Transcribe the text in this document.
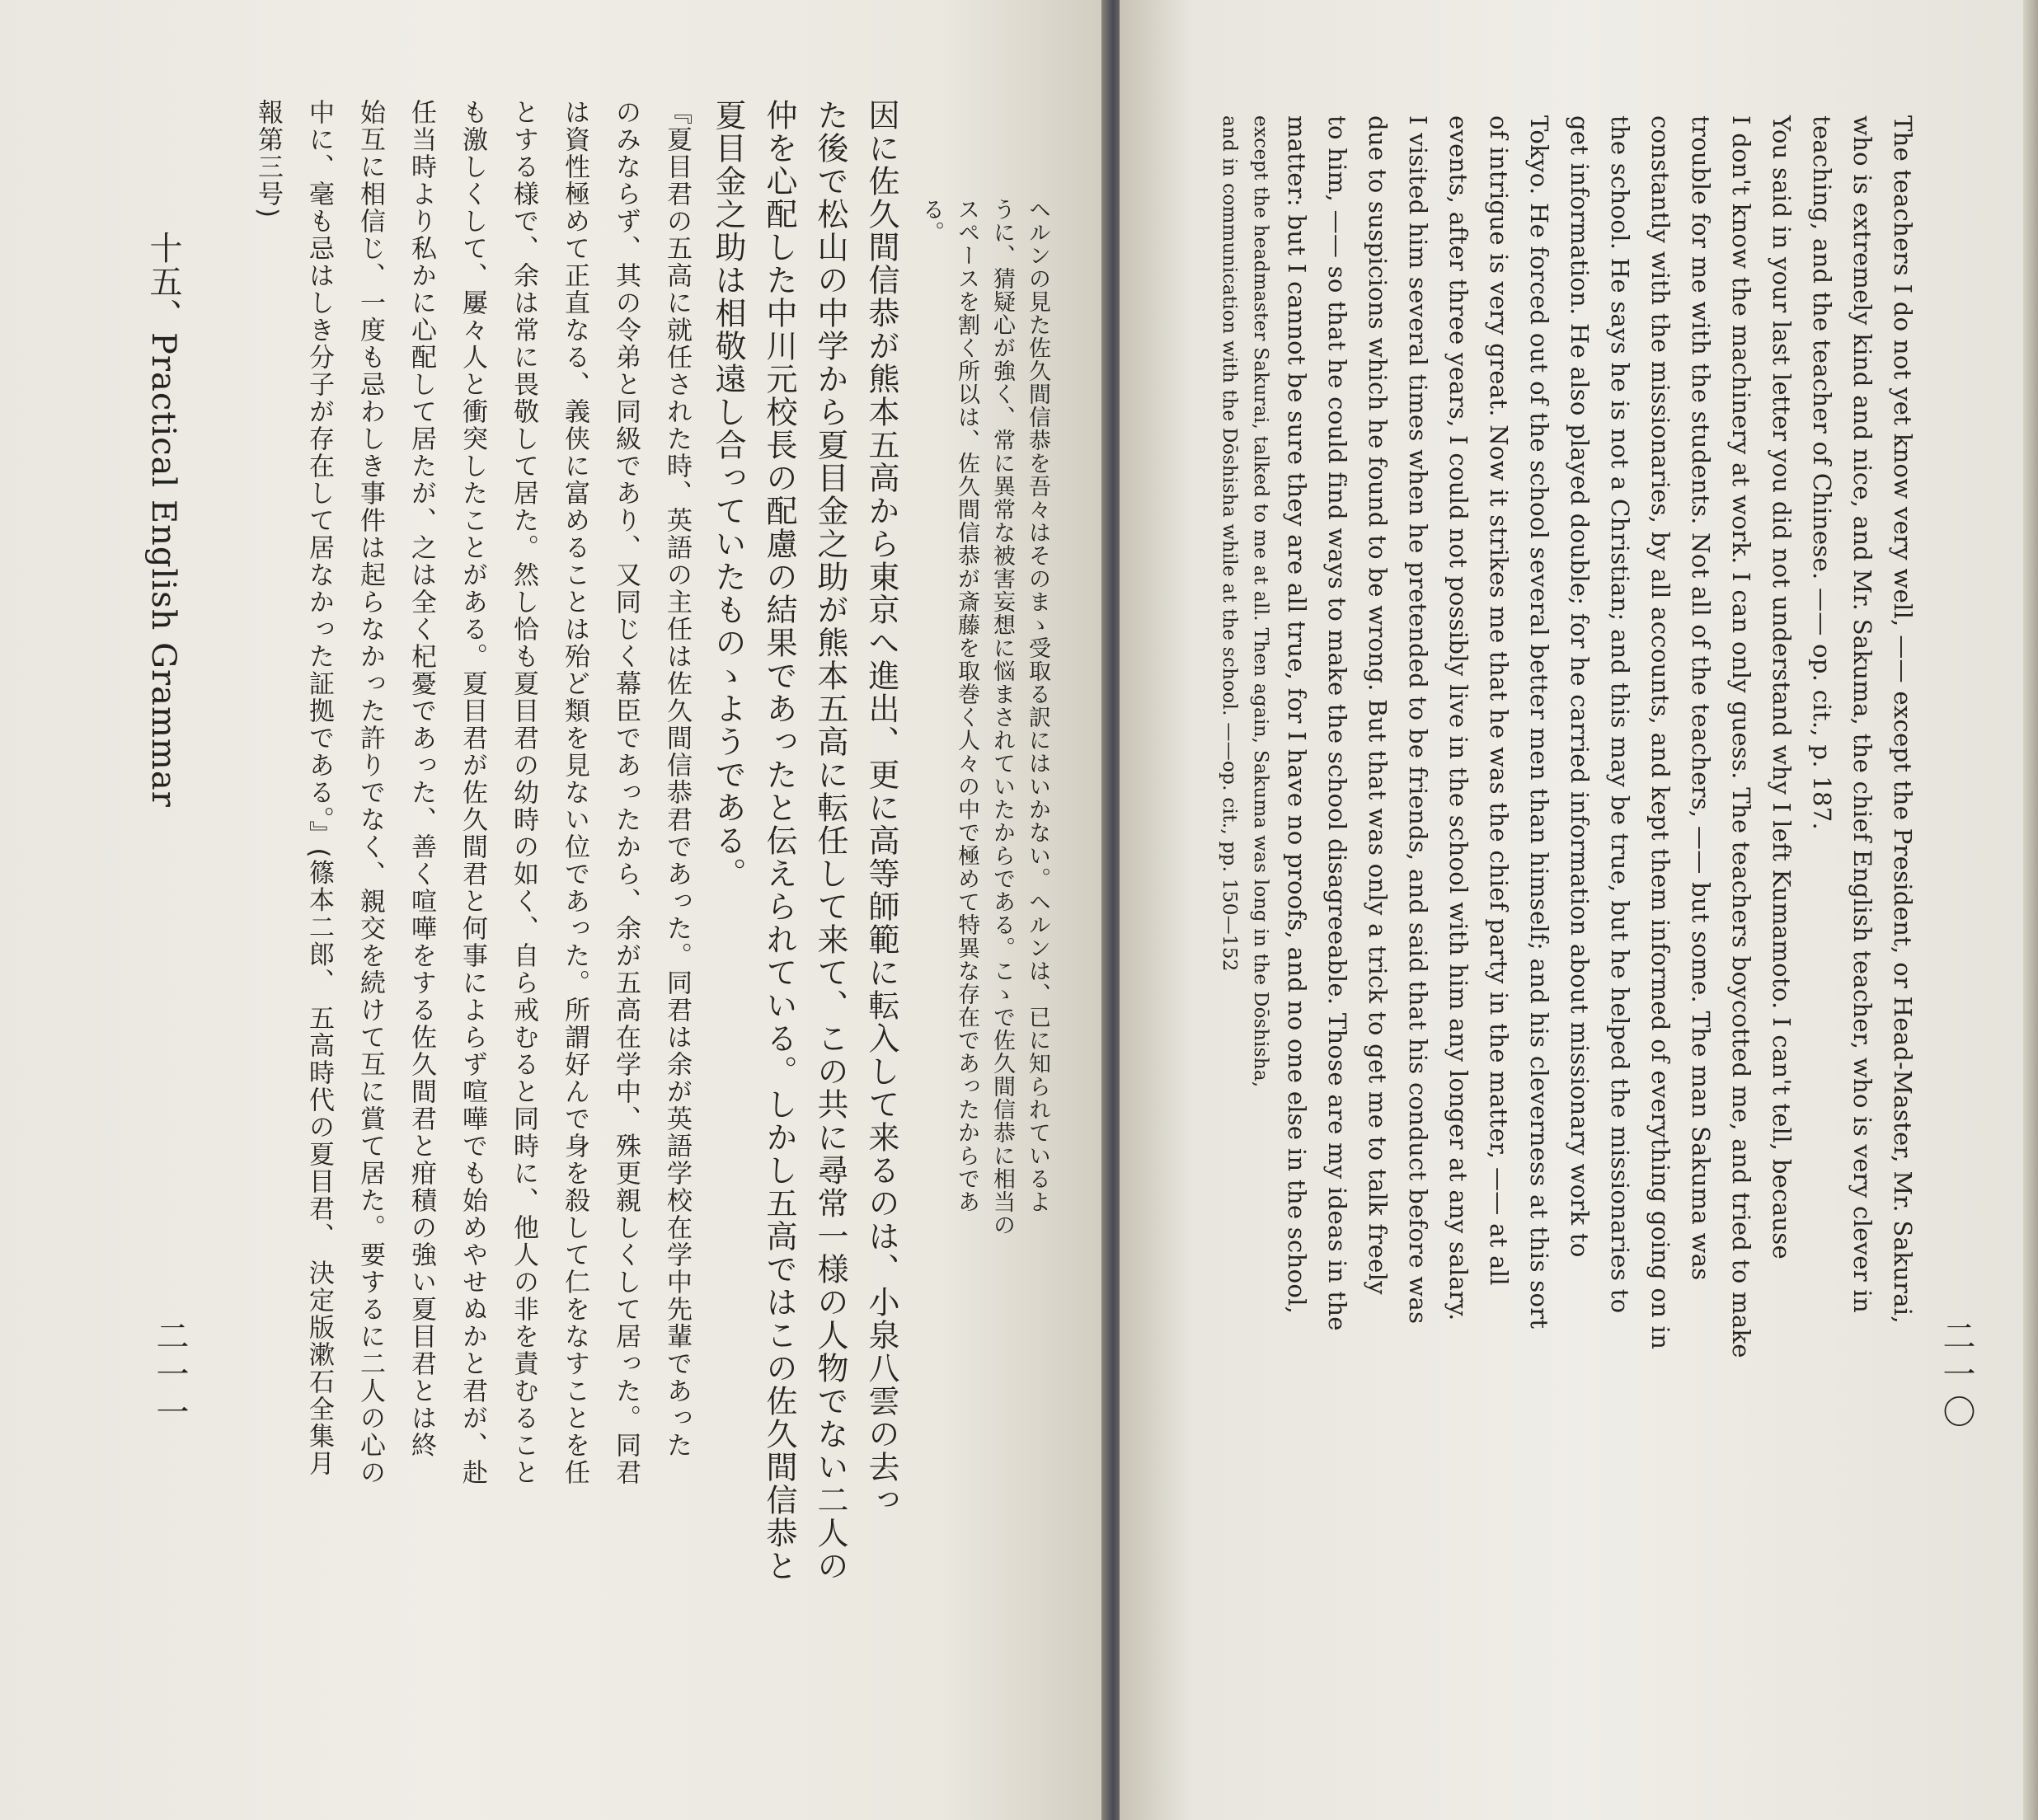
因に佐久間信恭が熊本五高から東京へ進出、更に高等師範に転入して来るのは、小泉八雲の去っ
た後で松山の中学から夏目金之助が熊本五高に転任して来て、この共に尋常一様の人物でない二人の
仲を心配した中川元校長の配慮の結果であったと伝えられている。しかし五高ではこの佐久間信恭と
夏目金之助は相敬遠し合っていたものゝようである。
『夏目君の五高に就任された時、英語の主任は佐久間信恭君であった。同君は余が英語学校在学中先輩であった
のみならず、其の令弟と同級であり、又同じく幕臣であったから、余が五高在学中、殊更親しくして居った。同君
は資性極めて正直なる、義侠に富めることは殆ど類を見ない位であった。所謂好んで身を殺して仁をなすことを任
とする様で、余は常に畏敬して居た。然し恰も夏目君の幼時の如く、自ら戒むると同時に、他人の非を責むること
も激しくして、屢々人と衝突したことがある。夏目君が佐久間君と何事によらず喧嘩でも始めやせぬかと君が、赴
任当時より私かに心配して居たが、之は全く杞憂であった、善く喧嘩をする佐久間君と疳積の強い夏目君とは終
始互に相信じ、一度も忌わしき事件は起らなかった許りでなく、親交を続けて互に賞て居た。要するに二人の心の
中に、毫も忌はしき分子が存在して居なかった証拠である。』(篠本二郎、 五高時代の夏目君、 決定版漱石全集月
報第三号)
ヘルンの見た佐久間信恭を吾々はそのまゝ受取る訳にはいかない。ヘルンは、已に知られているよ
うに、猜疑心が強く、常に異常な被害妄想に悩まされていたからである。こゝで佐久間信恭に相当の
スペースを割く所以は、佐久間信恭が斎藤を取巻く人々の中で極めて特異な存在であったからであ
る。
十五、Practical English Grammar
二一一
The teachers I do not yet know very well, —— except the President, or Head-Master, Mr. Sakurai,
who is extremely kind and nice, and Mr. Sakuma, the chief English teacher, who is very clever in
teaching, and the teacher of Chinese. —— op. cit., p. 187.
You said in your last letter you did not understand why I left Kumamoto. I can't tell, because
I don't know the machinery at work. I can only guess. The teachers boycotted me, and tried to make
trouble for me with the students. Not all of the teachers, —— but some. The man Sakuma was
constantly with the missionaries, by all accounts, and kept them informed of everything going on in
the school. He says he is not a Christian; and this may be true, but he helped the missionaries to
get information. He also played double; for he carried information about missionary work to
Tokyo. He forced out of the school several better men than himself; and his cleverness at this sort
of intrigue is very great. Now it strikes me that he was the chief party in the matter, —— at all
events, after three years, I could not possibly live in the school with him any longer at any salary.
I visited him several times when he pretended to be friends, and said that his conduct before was
due to suspicions which he found to be wrong. But that was only a trick to get me to talk freely
to him, —— so that he could find ways to make the school disagreeable. Those are my ideas in the
matter: but I cannot be sure they are all true, for I have no proofs, and no one else in the school,
except the headmaster Sakurai, talked to me at all. Then again, Sakuma was long in the Dōshisha,
and in communication with the Dōshisha while at the school. ——op. cit., pp. 150—152
二一〇
